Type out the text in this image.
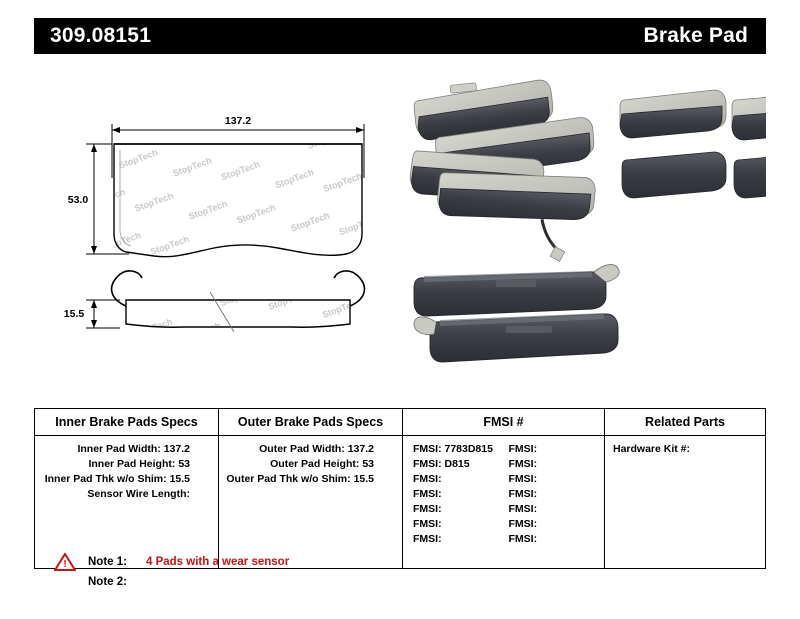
309.08151	Brake Pad
137.2
53.0
15.5
Inner Brake Pads Specs
Inner Pad Width: 137.2
Inner Pad Height: 53
Inner Pad Thk w/o Shim: 15.5
Sensor Wire Length:
Outer Brake Pads Specs
Outer Pad Width: 137.2
Outer Pad Height: 53
Outer Pad Thk w/o Shim: 15.5

FMSI #
FMSI: 7783D815
FMSI: D815
FMSI:
FMSI:
FMSI:
FMSI:
FMSI:
FMSI:
FMSI:
FMSI:
FMSI:
FMSI:
FMSI:
FMSI:
Related Parts
Hardware Kit #:
! Note 1:	4 Pads with a wear sensor
Note 2:
